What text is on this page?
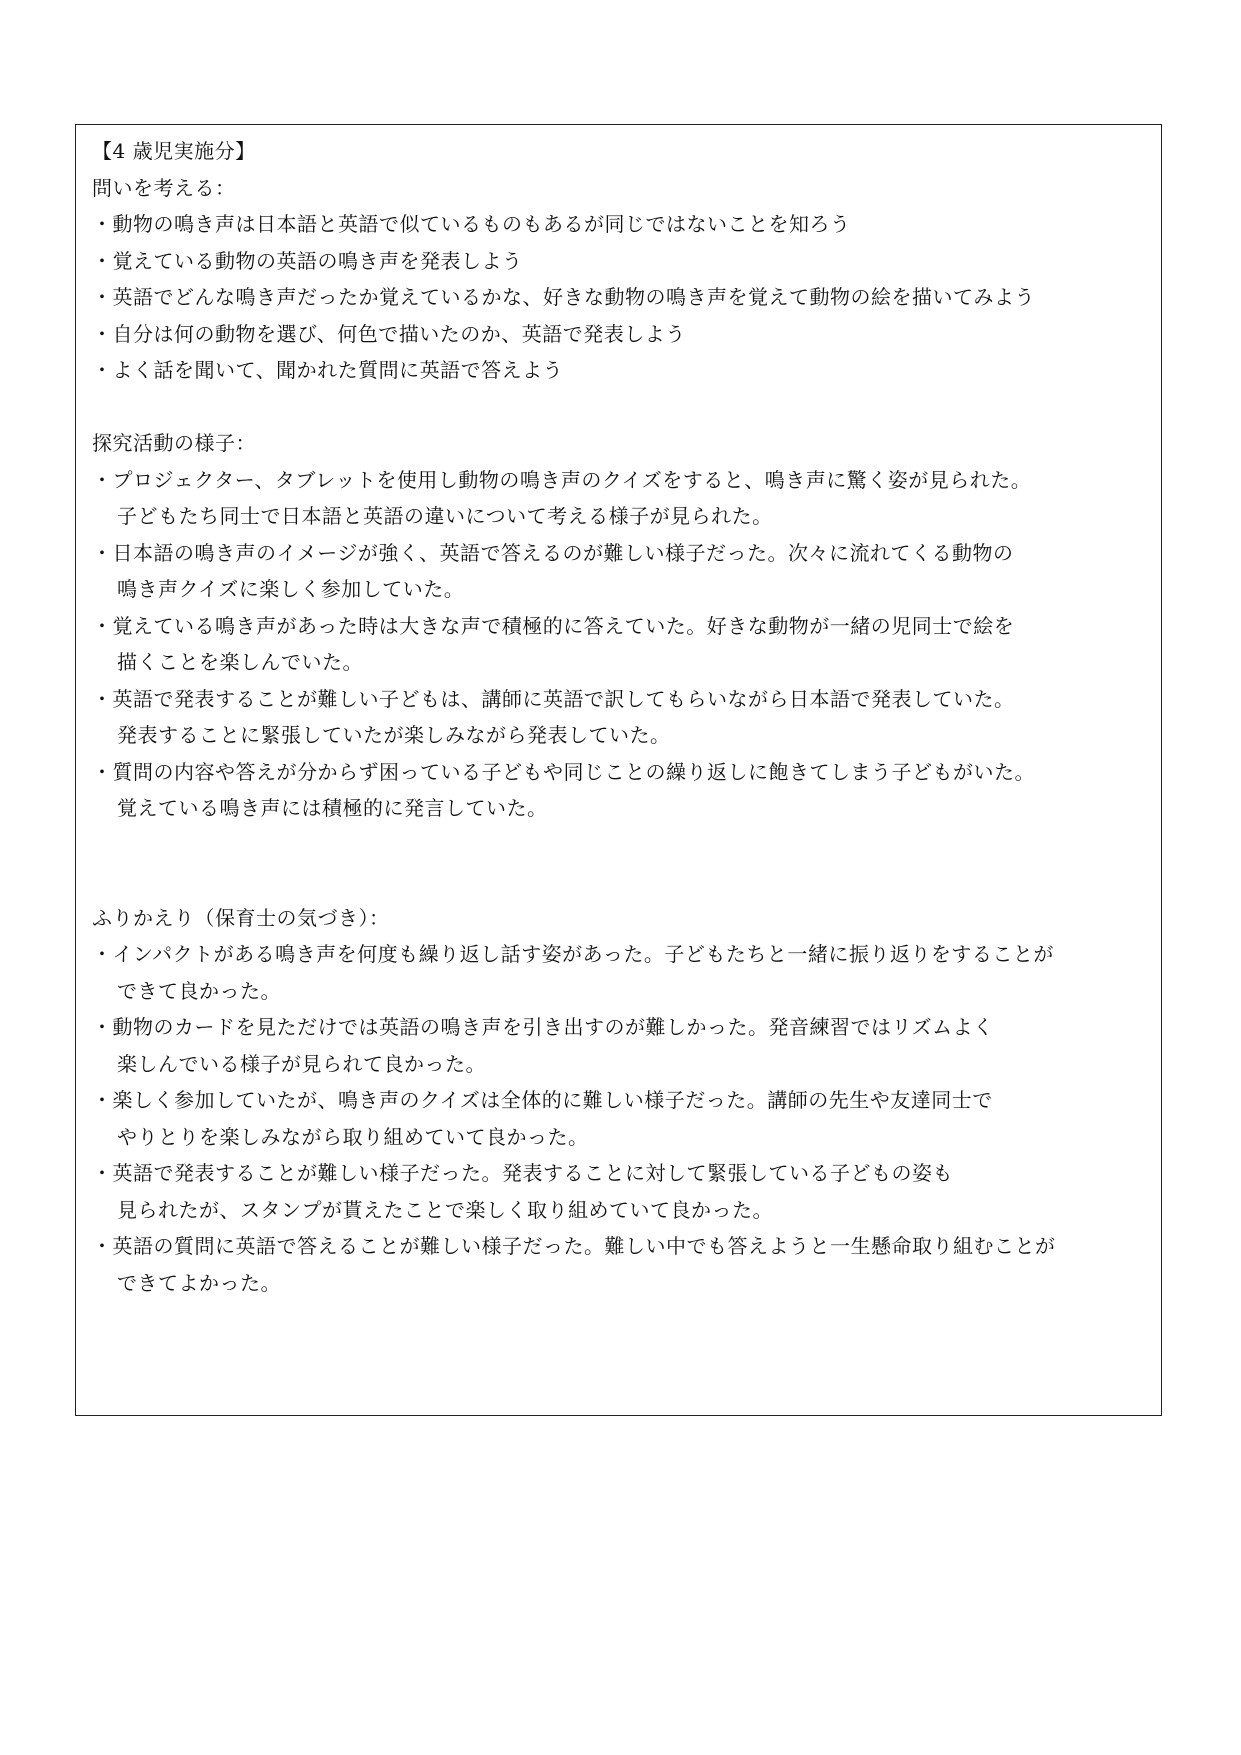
【4 歳児実施分】
問いを考える：
・動物の鳴き声は日本語と英語で似ているものもあるが同じではないことを知ろう
・覚えている動物の英語の鳴き声を発表しよう
・英語でどんな鳴き声だったか覚えているかな、好きな動物の鳴き声を覚えて動物の絵を描いてみよう
・自分は何の動物を選び、何色で描いたのか、英語で発表しよう
・よく話を聞いて、聞かれた質問に英語で答えよう
探究活動の様子：
・プロジェクター、タブレットを使用し動物の鳴き声のクイズをすると、鳴き声に驚く姿が見られた。
子どもたち同士で日本語と英語の違いについて考える様子が見られた。
・日本語の鳴き声のイメージが強く、英語で答えるのが難しい様子だった。次々に流れてくる動物の
鳴き声クイズに楽しく参加していた。
・覚えている鳴き声があった時は大きな声で積極的に答えていた。好きな動物が一緒の児同士で絵を
描くことを楽しんでいた。
・英語で発表することが難しい子どもは、講師に英語で訳してもらいながら日本語で発表していた。
発表することに緊張していたが楽しみながら発表していた。
・質問の内容や答えが分からず困っている子どもや同じことの繰り返しに飽きてしまう子どもがいた。
覚えている鳴き声には積極的に発言していた。
ふりかえり（保育士の気づき）：
・インパクトがある鳴き声を何度も繰り返し話す姿があった。子どもたちと一緒に振り返りをすることが
できて良かった。
・動物のカードを見ただけでは英語の鳴き声を引き出すのが難しかった。発音練習ではリズムよく
楽しんでいる様子が見られて良かった。
・楽しく参加していたが、鳴き声のクイズは全体的に難しい様子だった。講師の先生や友達同士で
やりとりを楽しみながら取り組めていて良かった。
・英語で発表することが難しい様子だった。発表することに対して緊張している子どもの姿も
見られたが、スタンプが貰えたことで楽しく取り組めていて良かった。
・英語の質問に英語で答えることが難しい様子だった。難しい中でも答えようと一生懸命取り組むことが
できてよかった。
